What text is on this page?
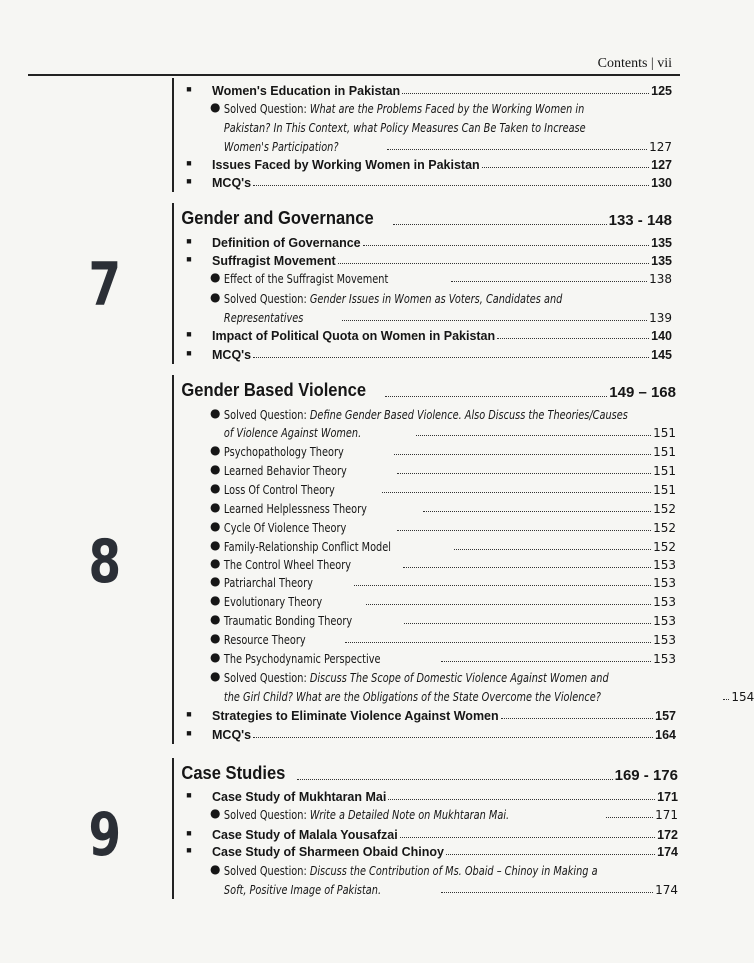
Contents | vii
■	Women's Education in Pakistan	125
● Solved Question: What are the Problems Faced by the Working Women in
Pakistan? In This Context, what Policy Measures Can Be Taken to Increase
Women's Participation?	127
■	Issues Faced by Working Women in Pakistan	127
■	MCQ's	130
Gender and Governance	133 - 148
■	Definition of Governance	135
■	Suffragist Movement	135
● Effect of the Suffragist Movement	138
● Solved Question: Gender Issues in Women as Voters, Candidates and
Representatives	139
■	Impact of Political Quota on Women in Pakistan	140
■	MCQ's	145
7
Gender Based Violence	149 – 168
● Solved Question: Define Gender Based Violence. Also Discuss the Theories/Causes
of Violence Against Women.	151
● Psychopathology Theory	151
● Learned Behavior Theory	151
● Loss Of Control Theory	151
● Learned Helplessness Theory	152
● Cycle Of Violence Theory	152
● Family-Relationship Conflict Model	152
● The Control Wheel Theory	153
● Patriarchal Theory	153
● Evolutionary Theory	153
● Traumatic Bonding Theory	153
● Resource Theory	153
● The Psychodynamic Perspective	153
● Solved Question: Discuss The Scope of Domestic Violence Against Women and
the Girl Child? What are the Obligations of the State Overcome the Violence?	154
■	Strategies to Eliminate Violence Against Women	157
■	MCQ's	164
8
Case Studies	169 - 176
■	Case Study of Mukhtaran Mai	171
● Solved Question: Write a Detailed Note on Mukhtaran Mai.	171
■	Case Study of Malala Yousafzai	172
■	Case Study of Sharmeen Obaid Chinoy	174
● Solved Question: Discuss the Contribution of Ms. Obaid – Chinoy in Making a
Soft, Positive Image of Pakistan.	174
9
